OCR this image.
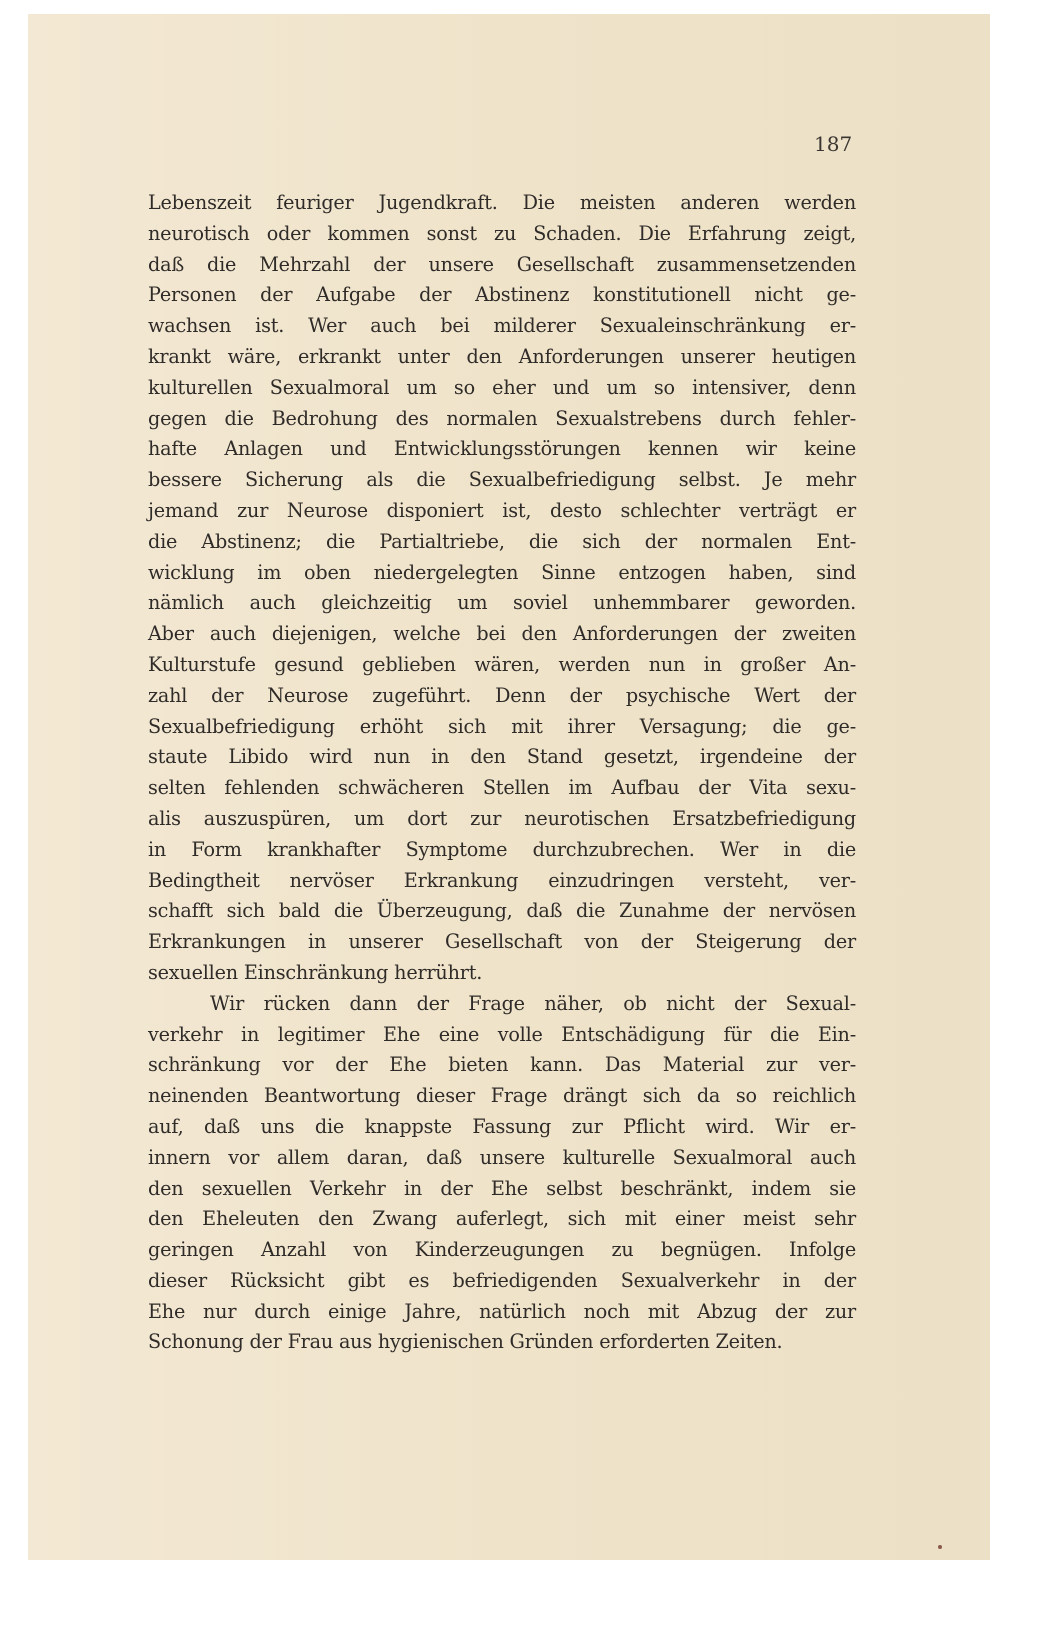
187
Lebenszeit feuriger Jugendkraft. Die meisten anderen werden
neurotisch oder kommen sonst zu Schaden. Die Erfahrung zeigt,
daß die Mehrzahl der unsere Gesellschaft zusammensetzenden
Personen der Aufgabe der Abstinenz konstitutionell nicht ge-
wachsen ist. Wer auch bei milderer Sexualeinschränkung er-
krankt wäre, erkrankt unter den Anforderungen unserer heutigen
kulturellen Sexualmoral um so eher und um so intensiver, denn
gegen die Bedrohung des normalen Sexualstrebens durch fehler-
hafte Anlagen und Entwicklungsstörungen kennen wir keine
bessere Sicherung als die Sexualbefriedigung selbst. Je mehr
jemand zur Neurose disponiert ist, desto schlechter verträgt er
die Abstinenz; die Partialtriebe, die sich der normalen Ent-
wicklung im oben niedergelegten Sinne entzogen haben, sind
nämlich auch gleichzeitig um soviel unhemmbarer geworden.
Aber auch diejenigen, welche bei den Anforderungen der zweiten
Kulturstufe gesund geblieben wären, werden nun in großer An-
zahl der Neurose zugeführt. Denn der psychische Wert der
Sexualbefriedigung erhöht sich mit ihrer Versagung; die ge-
staute Libido wird nun in den Stand gesetzt, irgendeine der
selten fehlenden schwächeren Stellen im Aufbau der Vita sexu-
alis auszuspüren, um dort zur neurotischen Ersatzbefriedigung
in Form krankhafter Symptome durchzubrechen. Wer in die
Bedingtheit nervöser Erkrankung einzudringen versteht, ver-
schafft sich bald die Überzeugung, daß die Zunahme der nervösen
Erkrankungen in unserer Gesellschaft von der Steigerung der
sexuellen Einschränkung herrührt.
Wir rücken dann der Frage näher, ob nicht der Sexual-
verkehr in legitimer Ehe eine volle Entschädigung für die Ein-
schränkung vor der Ehe bieten kann. Das Material zur ver-
neinenden Beantwortung dieser Frage drängt sich da so reichlich
auf, daß uns die knappste Fassung zur Pflicht wird. Wir er-
innern vor allem daran, daß unsere kulturelle Sexualmoral auch
den sexuellen Verkehr in der Ehe selbst beschränkt, indem sie
den Eheleuten den Zwang auferlegt, sich mit einer meist sehr
geringen Anzahl von Kinderzeugungen zu begnügen. Infolge
dieser Rücksicht gibt es befriedigenden Sexualverkehr in der
Ehe nur durch einige Jahre, natürlich noch mit Abzug der zur
Schonung der Frau aus hygienischen Gründen erforderten Zeiten.
